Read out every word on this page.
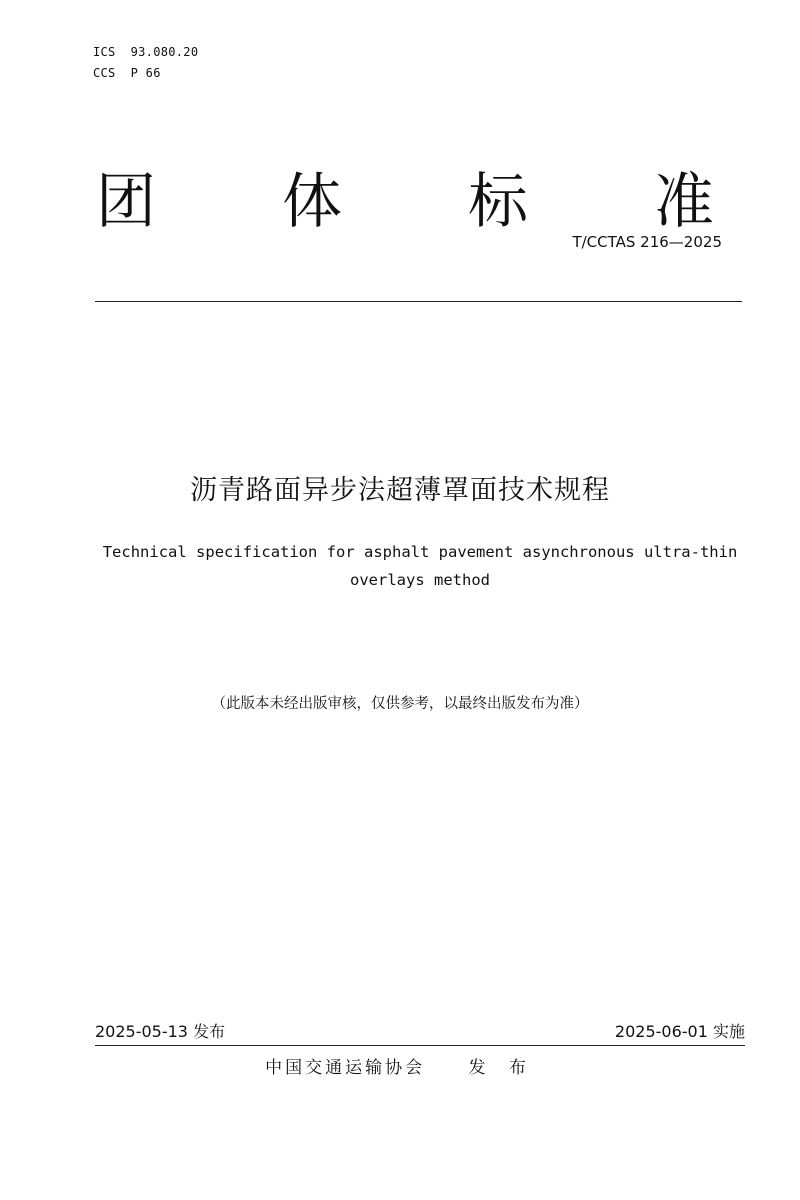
ICS  93.080.20
CCS  P 66
团 体 标 准
T/CCTAS 216—2025
沥青路面异步法超薄罩面技术规程
Technical specification for asphalt pavement asynchronous ultra-thin
overlays method
（此版本未经出版审核，仅供参考，以最终出版发布为准）
2025-05-13 发布	2025-06-01 实施
中国交通运输协会	发 布
